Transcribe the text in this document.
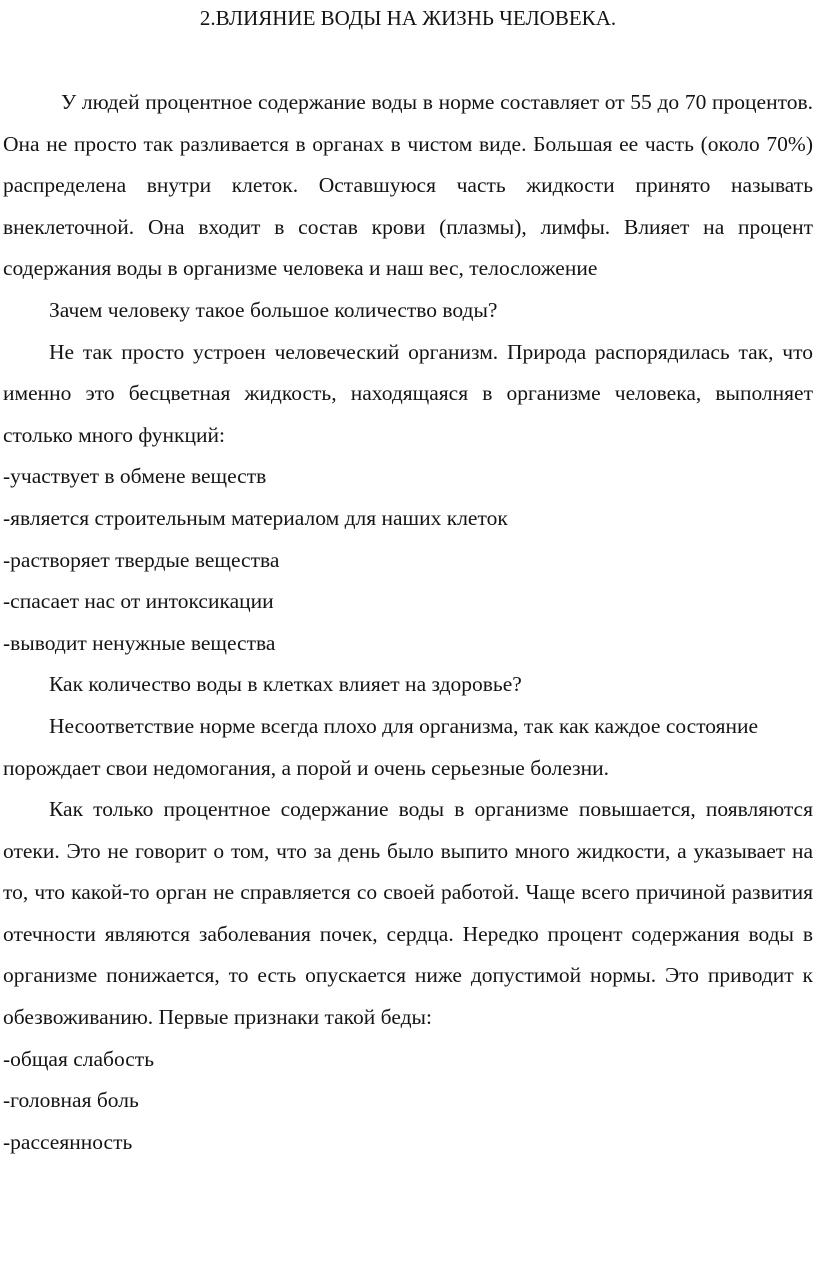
2.ВЛИЯНИЕ ВОДЫ НА ЖИЗНЬ ЧЕЛОВЕКА.

У людей процентное содержание воды в норме составляет от 55 до 70 процентов. Она не просто так разливается в органах в чистом виде. Большая ее часть (около 70%) распределена внутри клеток. Оставшуюся часть жидкости принято называть внеклеточной. Она входит в состав крови (плазмы), лимфы. Влияет на процент содержания воды в организме человека и наш вес, телосложение

Зачем человеку такое большое количество воды?

Не так просто устроен человеческий организм. Природа распорядилась так, что именно это бесцветная жидкость, находящаяся в организме человека, выполняет столько много функций:

-участвует в обмене веществ

-является строительным материалом для наших клеток

-растворяет твердые вещества

-спасает нас от интоксикации

-выводит ненужные вещества

Как количество воды в клетках влияет на здоровье?

Несоответствие норме всегда плохо для организма, так как каждое состояние порождает свои недомогания, а порой и очень серьезные болезни.

Как только процентное содержание воды в организме повышается, появляются отеки. Это не говорит о том, что за день было выпито много жидкости, а указывает на то, что какой-то орган не справляется со своей работой. Чаще всего причиной развития отечности являются заболевания почек, сердца. Нередко процент содержания воды в организме понижается, то есть опускается ниже допустимой нормы. Это приводит к обезвоживанию. Первые признаки такой беды:

-общая слабость

-головная боль

-рассеянность
